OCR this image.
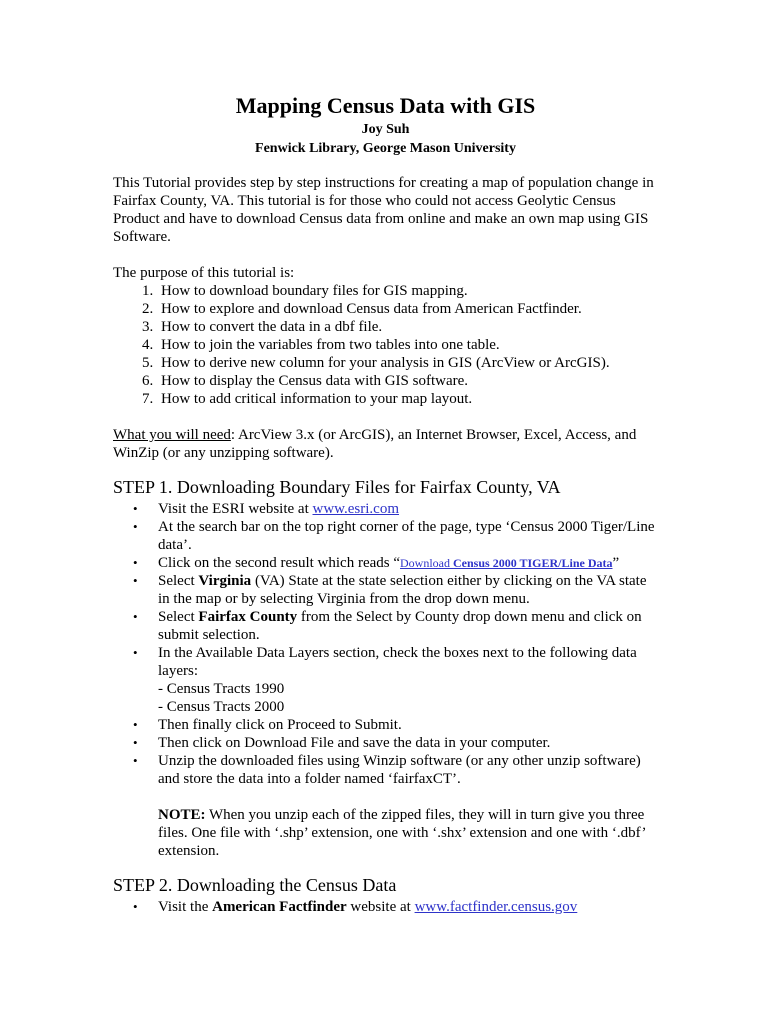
Mapping Census Data with GIS

Joy Suh

Fenwick Library, George Mason University

This Tutorial provides step by step instructions for creating a map of population change in Fairfax County, VA. This tutorial is for those who could not access Geolytic Census Product and have to download Census data from online and make an own map using GIS Software.

The purpose of this tutorial is:

1. How to download boundary files for GIS mapping.
2. How to explore and download Census data from American Factfinder.
3. How to convert the data in a dbf file.
4. How to join the variables from two tables into one table.
5. How to derive new column for your analysis in GIS (ArcView or ArcGIS).
6. How to display the Census data with GIS software.
7. How to add critical information to your map layout.

What you will need: ArcView 3.x (or ArcGIS), an Internet Browser, Excel, Access, and WinZip (or any unzipping software).

STEP 1. Downloading Boundary Files for Fairfax County, VA
• Visit the ESRI website at www.esri.com
• At the search bar on the top right corner of the page, type ‘Census 2000 Tiger/Line data’.
• Click on the second result which reads “Download Census 2000 TIGER/Line Data”
• Select Virginia (VA) State at the state selection either by clicking on the VA state in the map or by selecting Virginia from the drop down menu.
• Select Fairfax County from the Select by County drop down menu and click on submit selection.
• In the Available Data Layers section, check the boxes next to the following data layers:
- Census Tracts 1990
- Census Tracts 2000
• Then finally click on Proceed to Submit.
• Then click on Download File and save the data in your computer.
• Unzip the downloaded files using Winzip software (or any other unzip software) and store the data into a folder named ‘fairfaxCT’.

NOTE: When you unzip each of the zipped files, they will in turn give you three files. One file with ‘.shp’ extension, one with ‘.shx’ extension and one with ‘.dbf’ extension.

STEP 2. Downloading the Census Data
• Visit the American Factfinder website at www.factfinder.census.gov
